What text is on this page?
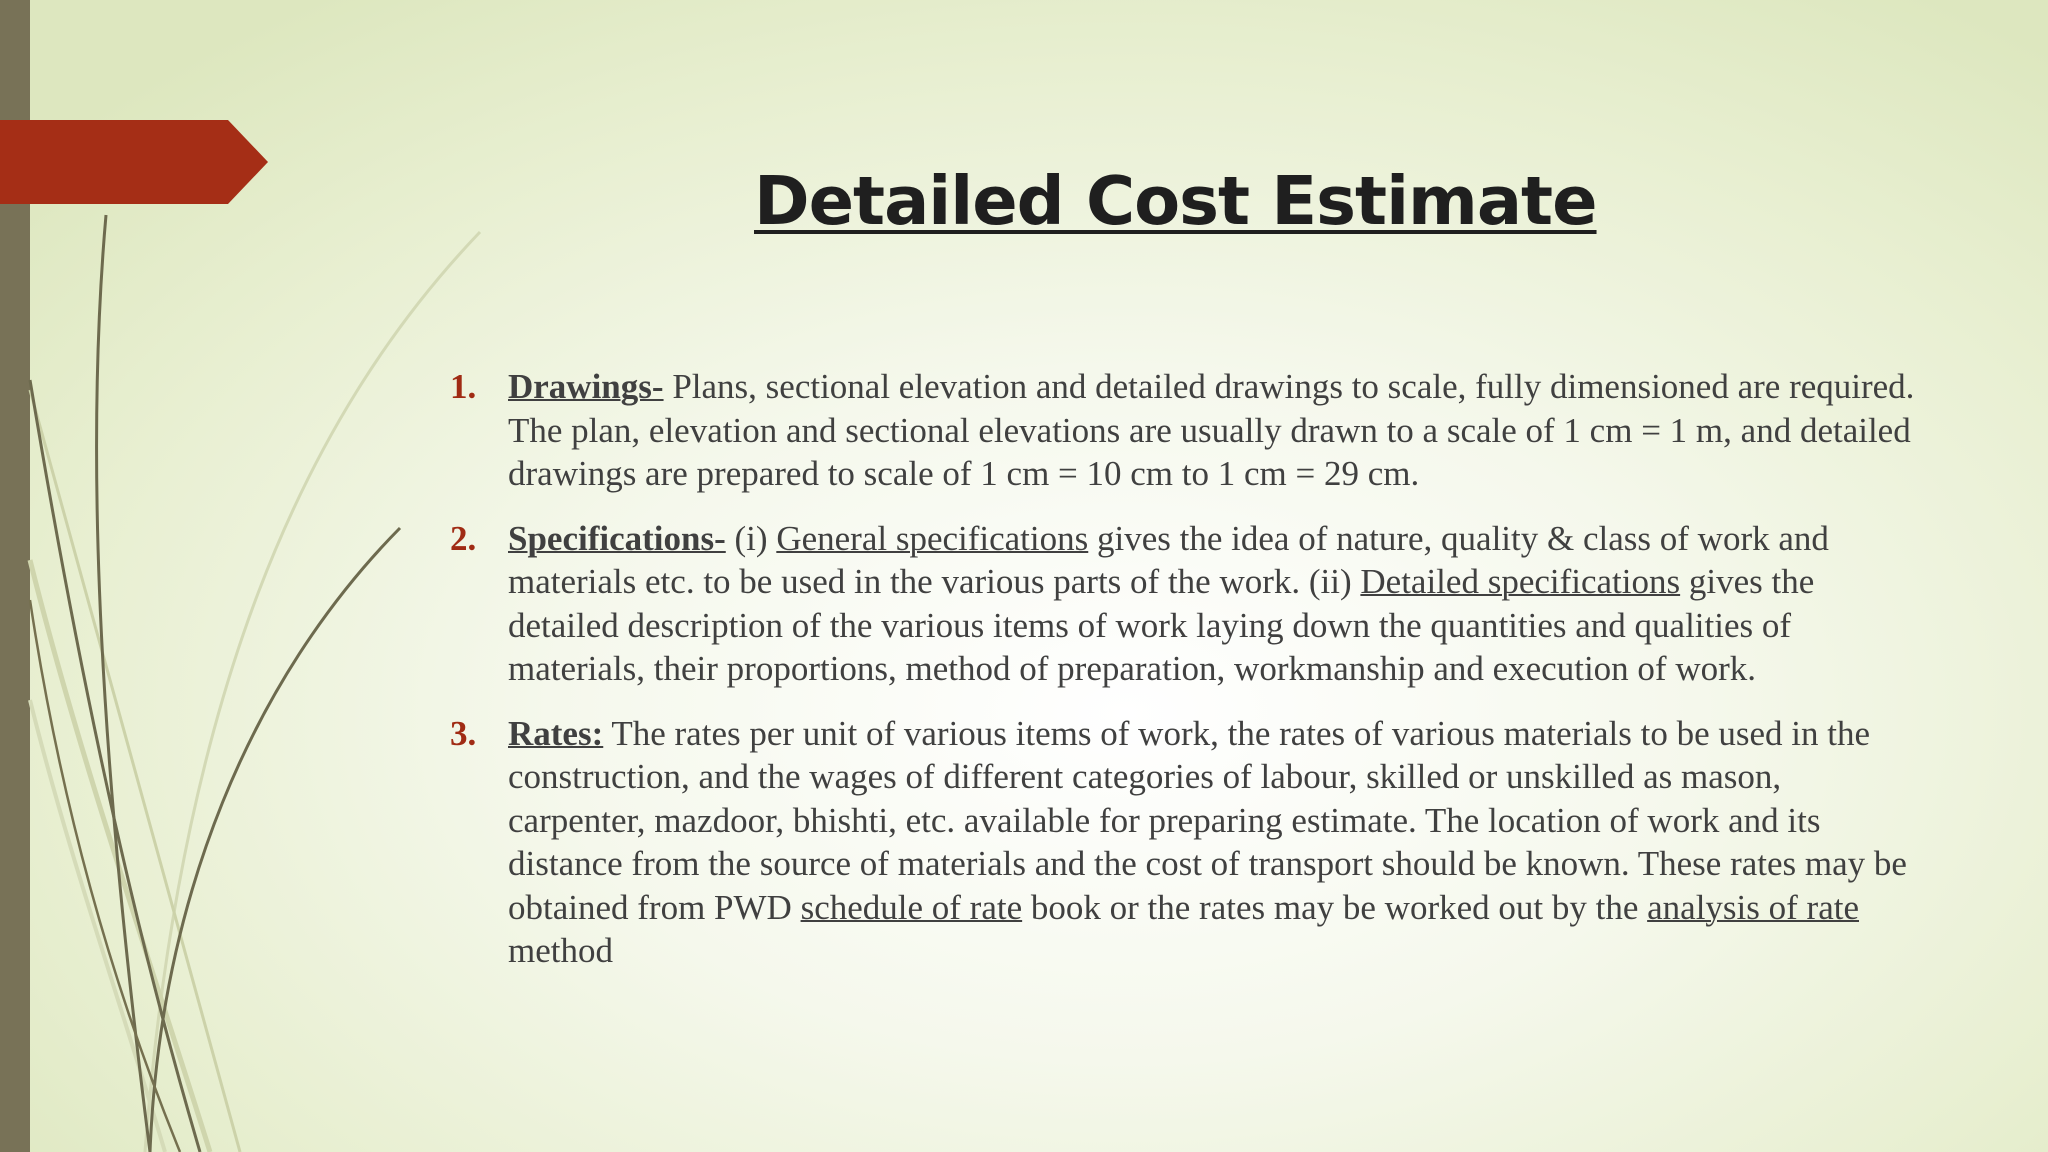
Detailed Cost Estimate
1. Drawings- Plans, sectional elevation and detailed drawings to scale, fully dimensioned are required. The plan, elevation and sectional elevations are usually drawn to a scale of 1 cm = 1 m, and detailed drawings are prepared to scale of 1 cm = 10 cm to 1 cm = 29 cm.
2. Specifications- (i) General specifications gives the idea of nature, quality & class of work and materials etc. to be used in the various parts of the work. (ii) Detailed specifications gives the detailed description of the various items of work laying down the quantities and qualities of materials, their proportions, method of preparation, workmanship and execution of work.
3. Rates: The rates per unit of various items of work, the rates of various materials to be used in the construction, and the wages of different categories of labour, skilled or unskilled as mason, carpenter, mazdoor, bhishti, etc. available for preparing estimate. The location of work and its distance from the source of materials and the cost of transport should be known. These rates may be obtained from PWD schedule of rate book or the rates may be worked out by the analysis of rate method
